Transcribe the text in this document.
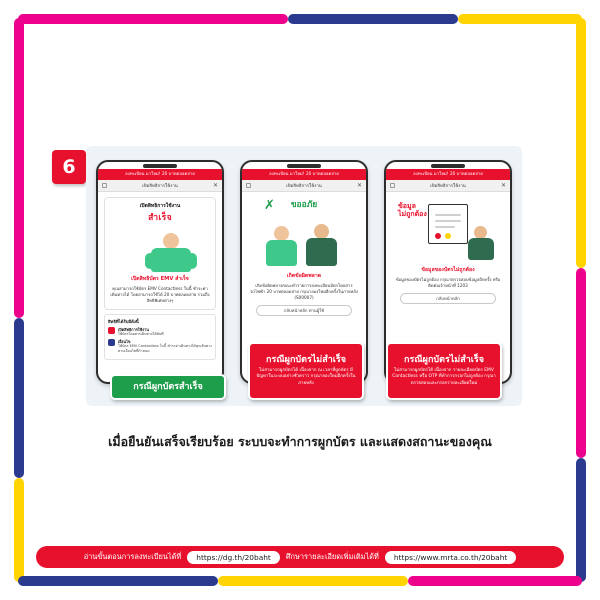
6	ลงทะเบียน มาใหม่! 20 บาทตลอดสาย
เปิดสิทธิการใช้งาน	✕
เปิดสิทธิการใช้งาน
สำเร็จ
เปิดสิทธิบัตร EMV สำเร็จ
คุณสามารถใช้บัตร EMV Contactless ในนี้ ชำระค่าเดินทางได้ โดยสามารถใช้ได้ 20 บาทตลอดสาย รวมถึงสิทธิพิเศษต่างๆ
สิทธิที่ได้รับมีดังนี้
เปิดสิทธิการใช้งาน
ใช้บัตรโดยสารเดินทางได้ทันที
เงื่อนไข
ใช้บัตร EMV Contactless ในนี้ ชำระค่าเดินทางได้ทุกเส้นทาง ตามเงื่อนไขที่กำหนด
ลงทะเบียน มาใหม่! 20 บาทตลอดสาย
เปิดสิทธิการใช้งาน	✕
✗	ขออภัย
เกิดข้อผิดพลาด
เกิดข้อผิดพลาดขณะทำรายการลงทะเบียนบัตรโดยสารรถไฟฟ้า 20 บาทตลอดสาย กรุณาลองใหม่อีกครั้งในภายหลัง (S00007)
กลับหน้าหลัก ท่านผู้ใช้
ลงทะเบียน มาใหม่! 20 บาทตลอดสาย
เปิดสิทธิการใช้งาน	✕
ข้อมูล
ไม่ถูกต้อง
ข้อมูลของบัตรไม่ถูกต้อง
ข้อมูลของบัตรไม่ถูกต้อง กรุณาตรวจสอบข้อมูลอีกครั้ง หรือติดต่อเจ้าหน้าที่ 1203
กลับหน้าหลัก
กรณีผูกบัตรสำเร็จ
กรณีผูกบัตรไม่สำเร็จ
ไม่สามารถผูกบัตรได้ เนื่องจาก ณ เวลาที่ผูกบัตร มีปัญหาในระบบอย่างชั่วคราว กรุณาลองใหม่อีกครั้งในภายหลัง
กรณีผูกบัตรไม่สำเร็จ
ไม่สามารถผูกบัตรได้ เนื่องจาก รายละเอียดบัตร EMV Contactless หรือ OTP ที่ทำการกรอกไม่ถูกต้อง กรุณาตรวจสอบและกรอกรายละเอียดใหม่
เมื่อยืนยันเสร็จเรียบร้อย ระบบจะทำการผูกบัตร และแสดงสถานะของคุณ
อ่านขั้นตอนการลงทะเบียนได้ที่	https://dg.th/20baht	ศึกษารายละเอียดเพิ่มเติมได้ที่	https://www.mrta.co.th/20baht
